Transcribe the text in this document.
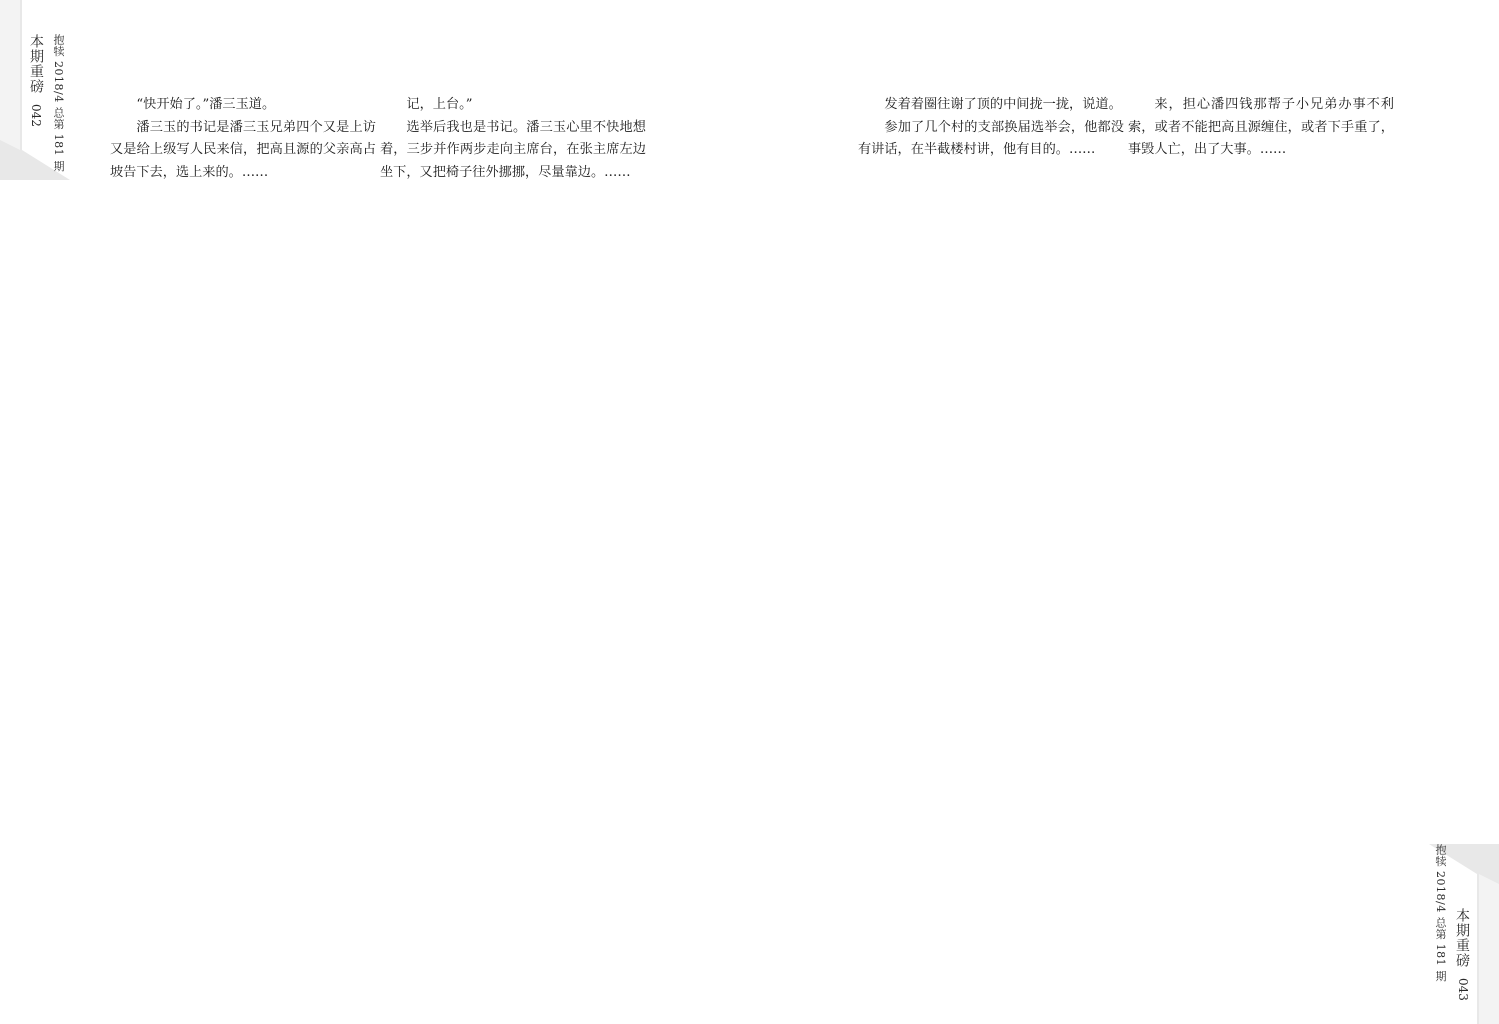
本期重磅
042 抱犊 2018/4 总第 181 期
抱犊 2018/4 总第 181 期 本期重磅
043

“快开始了。”潘三玉道。

潘三玉的书记是潘三玉兄弟四个又是上访又是给上级写人民来信，把高且源的父亲高占坡告下去，选上来的。……

记，上台。”

选举后我也是书记。潘三玉心里不快地想着，三步并作两步走向主席台，在张主席左边坐下，又把椅子往外挪挪，尽量靠边。……

发着着圈往谢了顶的中间拢一拢，说道。

参加了几个村的支部换届选举会，他都没有讲话，在半截楼村讲，他有目的。……

来，担心潘四钱那帮子小兄弟办事不利索，或者不能把高且源缠住，或者下手重了，事毁人亡，出了大事。……
